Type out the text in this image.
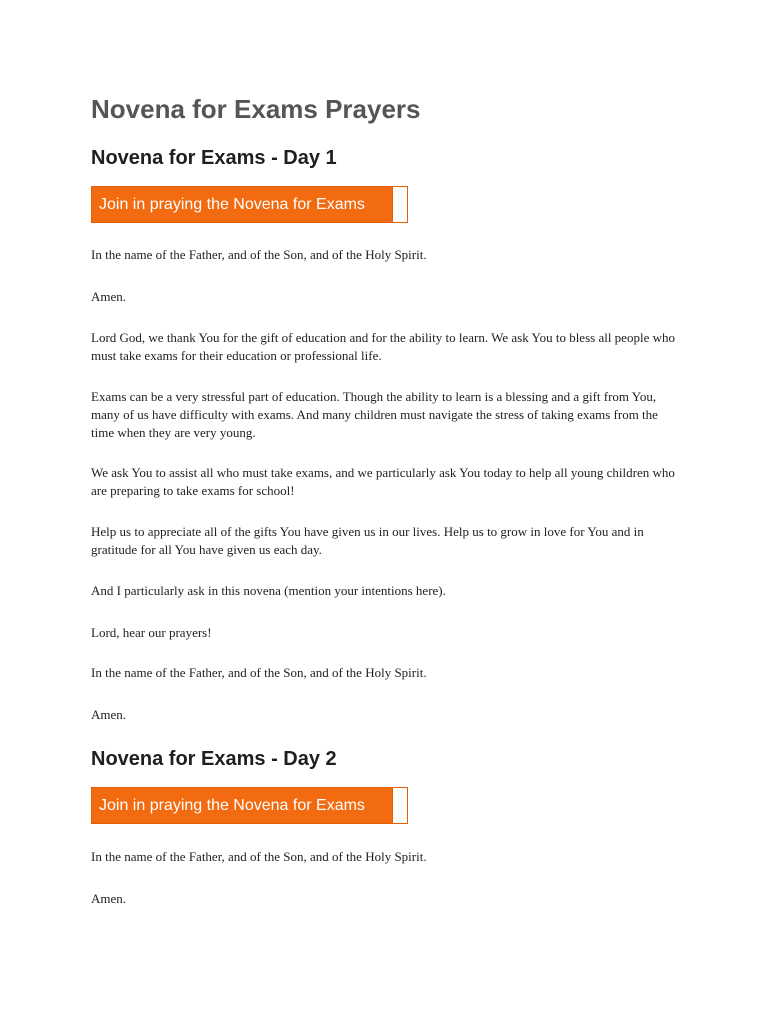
Novena for Exams Prayers
Novena for Exams - Day 1
Join in praying the Novena for Exams

In the name of the Father, and of the Son, and of the Holy Spirit.

Amen.

Lord God, we thank You for the gift of education and for the ability to learn. We ask You to bless all people who must take exams for their education or professional life.

Exams can be a very stressful part of education. Though the ability to learn is a blessing and a gift from You, many of us have difficulty with exams. And many children must navigate the stress of taking exams from the time when they are very young.

We ask You to assist all who must take exams, and we particularly ask You today to help all young children who are preparing to take exams for school!

Help us to appreciate all of the gifts You have given us in our lives. Help us to grow in love for You and in gratitude for all You have given us each day.

And I particularly ask in this novena (mention your intentions here).

Lord, hear our prayers!

In the name of the Father, and of the Son, and of the Holy Spirit.

Amen.

Novena for Exams - Day 2
Join in praying the Novena for Exams

In the name of the Father, and of the Son, and of the Holy Spirit.

Amen.
